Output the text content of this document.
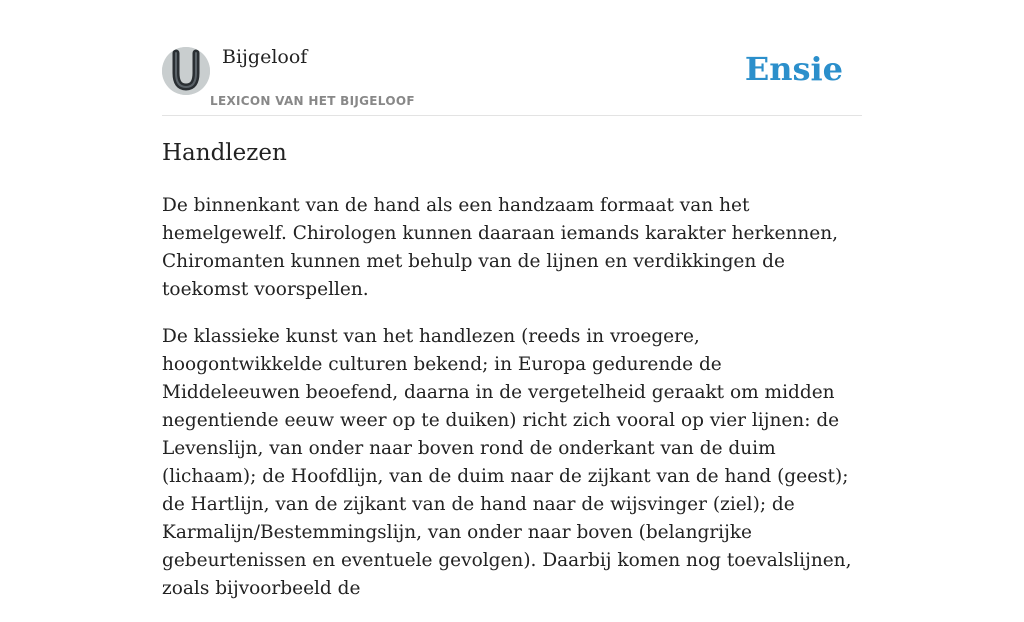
Bijgeloof
LEXICON VAN HET BIJGELOOF
Ensie
Handlezen

De binnenkant van de hand als een handzaam formaat van het hemelgewelf. Chirologen kunnen daaraan iemands karakter herkennen, Chiromanten kunnen met behulp van de lijnen en verdikkingen de toekomst voorspellen.

De klassieke kunst van het handlezen (reeds in vroegere, hoogontwikkelde culturen bekend; in Europa gedurende de Middeleeuwen beoefend, daarna in de vergetelheid geraakt om midden negentiende eeuw weer op te duiken) richt zich vooral op vier lijnen: de Levenslijn, van onder naar boven rond de onderkant van de duim (lichaam); de Hoofdlijn, van de duim naar de zijkant van de hand (geest); de Hartlijn, van de zijkant van de hand naar de wijsvinger (ziel); de Karmalijn/Bestemmingslijn, van onder naar boven (belangrijke gebeurtenissen en eventuele gevolgen). Daarbij komen nog toevalslijnen, zoals bijvoorbeeld de
